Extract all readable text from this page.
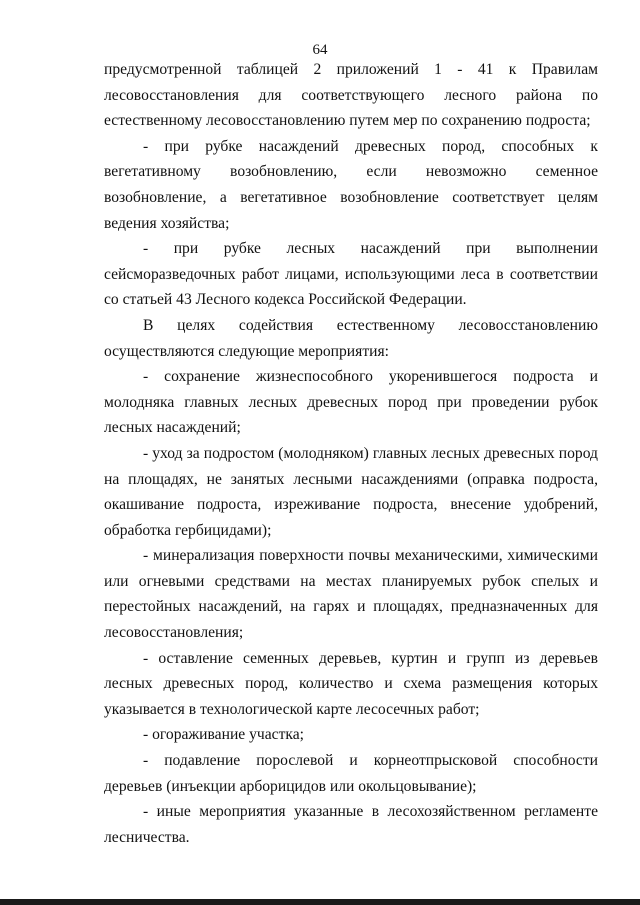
64

предусмотренной таблицей 2 приложений 1 - 41 к Правилам лесовосстановления для соответствующего лесного района по естественному лесовосстановлению путем мер по сохранению подроста;

- при рубке насаждений древесных пород, способных к вегетативному возобновлению, если невозможно семенное возобновление, а вегетативное возобновление соответствует целям ведения хозяйства;

- при рубке лесных насаждений при выполнении сейсморазведочных работ лицами, использующими леса в соответствии со статьей 43 Лесного кодекса Российской Федерации.

В целях содействия естественному лесовосстановлению осуществляются следующие мероприятия:

- сохранение жизнеспособного укоренившегося подроста и молодняка главных лесных древесных пород при проведении рубок лесных насаждений;

- уход за подростом (молодняком) главных лесных древесных пород на площадях, не занятых лесными насаждениями (оправка подроста, окашивание подроста, изреживание подроста, внесение удобрений, обработка гербицидами);

- минерализация поверхности почвы механическими, химическими или огневыми средствами на местах планируемых рубок спелых и перестойных насаждений, на гарях и площадях, предназначенных для лесовосстановления;

- оставление семенных деревьев, куртин и групп из деревьев лесных древесных пород, количество и схема размещения которых указывается в технологической карте лесосечных работ;

- огораживание участка;

- подавление порослевой и корнеотпрысковой способности деревьев (инъекции арборицидов или окольцовывание);

- иные мероприятия указанные в лесохозяйственном регламенте лесничества.
